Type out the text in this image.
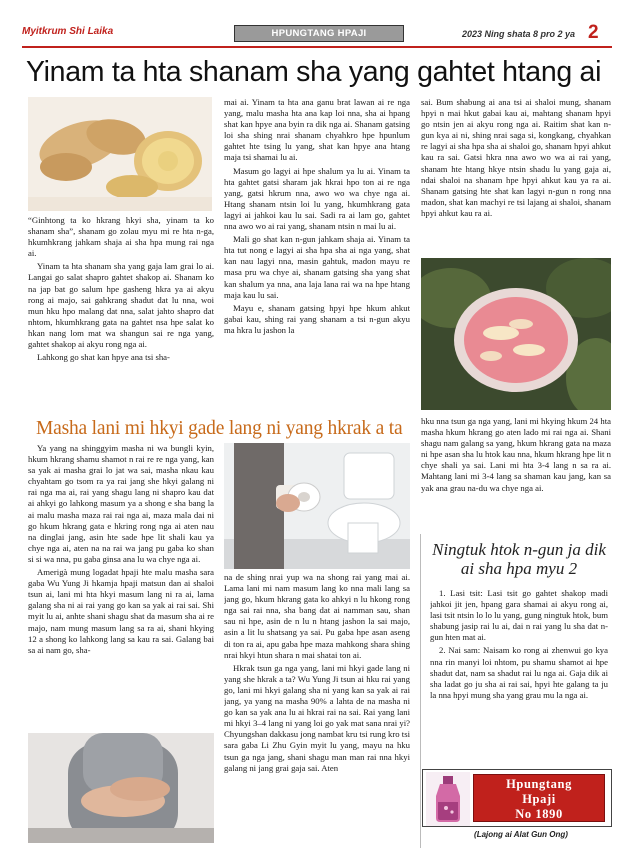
Myitkrum Shi Laika	HPUNGTANG HPAJI	2023 Ning shata 8 pro 2 ya 2
Yinam ta hta shanam sha yang gahtet htang ai

“Ginhtong ta ko hkrang hkyi sha, yinam ta ko shanam sha”, shanam go zolau myu mi re hta n-ga, hkumhkrang jahkam shaja ai sha hpa mung rai nga ai.

Yinam ta hta shanam sha yang gaja lam grai lo ai. Langai go salat shapro gahtet shakop ai. Shanam ko na jap bat go salum hpe gasheng hkra ya ai akyu rong ai majo, sai gahkrang shadut dat lu nna, woi mun hku hpo malang dat nna, salat jahto shapro dat nhtom, hkumhkrang gata na gahtet nsa hpe salat ko hkan nang lom mat wa shangun sai re nga yang, gahtet shakop ai akyu rong nga ai.

Lahkong go shat kan hpye ana tsi sha-

mai ai. Yinam ta hta ana ganu brat lawan ai re nga yang, malu masha hta ana kap loi nna, sha ai hpang shat kan hpye ana byin ra dik nga ai. Shanam gatsing loi sha shing nrai shanam chyahkro hpe hpunlum gahtet hte tsing lu yang, shat kan hpye ana htang maja tsi shamai lu ai.

Masum go lagyi ai hpe shalum ya lu ai. Yinam ta hta gahtet gatsi sharam jak hkrai hpo ton ai re nga yang, gatsi hkrum nna, awo wo wa chye nga ai. Htang shanam ntsin loi lu yang, hkumhkrang gata lagyi ai jahkoi kau lu sai. Sadi ra ai lam go, gahtet nna awo wo ai rai yang, shanam ntsin n mai lu ai.

Mali go shat kan n-gun jahkam shaja ai. Yinam ta hta tut nong e lagyi ai sha hpa sha ai nga yang, shat kan nau lagyi nna, masin gahtuk, madon mayu re masa pru wa chye ai, shanam gatsing sha yang shat kan shalum ya nna, ana laja lana rai wa na hpe htang maja kau lu sai.

Mayu e, shanam gatsing hpyi hpe hkum ahkut gabai kau, shing rai yang shanam a tsi n-gun akyu ma hkra lu jashon la

sai. Bum shabung ai ana tsi ai shaloi mung, shanam hpyi n mai hkut gabai kau ai, mahtang shanam hpyi go ntsin jen ai akyu rong nga ai. Raitim shat kan n-gun kya ai ni, shing nrai saga si, kongkang, chyahkan re lagyi ai sha hpa sha ai shaloi go, shanam hpyi ahkut kau ra sai. Gatsi hkra nna awo wo wa ai rai yang, shanam hte htang hkye ntsin shadu lu yang gaja ai, ndai shaloi na shanam hpe hpyi ahkut kau ya ra ai. Shanam gatsing hte shat kan lagyi n-gun n rong nna madon, shat kan machyi re tsi lajang ai shaloi, shanam hpyi ahkut kau ra ai.

Masha lani mi hkyi gade lang ni yang hkrak a ta

Ya yang na shinggyim masha ni wa bungli kyin, hkum hkrang shamu shamot n rai re re nga yang, kan sa yak ai masha grai lo jat wa sai, masha nkau kau chyahtam go tsom ra ya rai jang she hkyi galang ni rai nga ma ai, rai yang shagu lang ni shapro kau dat ai ahkyi go lahkong masum ya a shong e sha bang la ai malu masha maza rai rai nga ai, maza mala dai ni go hkum hkrang gata e hkring rong nga ai aten nau na dinglai jang, asin hte sade hpe lit shali kau ya chye nga ai, aten na na rai wa jang pu gaba ko shan si si wa nna, pu gaba ginsa ana lu wa chye nga ai.

Amerigà mung logadat hpaji hte malu masha sara gaba Wu Yung Ji hkamja hpaji matsun dan ai shaloi tsun ai, lani mi hta hkyi masum lang ni ra ai, lama galang sha ni ai rai yang go kan sa yak ai rai sai. Shi myit lu ai, anhte shani shagu shat da masum sha ai re majo, nam mung masum lang sa ra ai, shani hkying 12 a shong ko lahkong lang sa kau ra sai. Galang bai sa ai nam go, sha-

na de shing nrai yup wa na shong rai yang mai ai. Lama lani mi nam masum lang ko nna mali lang sa jang go, hkum hkrang gata ko ahkyi n lu hkong rong nga sai rai nna, sha bang dat ai namman sau, shan sau ni hpe, asin de n lu n htang jashon la sai majo, asin a lit lu shatsang ya sai. Pu gaba hpe asan aseng di ton ra ai, apu gaba hpe maza mahkong shara shing nrai hkyi htun shara n mai shatai ton ai.

Hkrak tsun ga nga yang, lani mi hkyi gade lang ni yang she hkrak a ta? Wu Yung Ji tsun ai hku rai yang go, lani mi hkyi galang sha ni yang kan sa yak ai rai jang, ya yang na masha 90% a lahta de na masha ni go kan sa yak ana lu ai hkrai rai na sai. Rai yang lani mi hkyi 3–4 lang ni yang loi go yak mat sana nrai yi? Chyungshan dakkasu jong nambat kru tsi rung kro tsi sara gaba Li Zhu Gyin myit lu yang, mayu na hku tsun ga nga jang, shani shagu man man rai nna hkyi galang ni jang grai gaja sai. Aten

hku nna tsun ga nga yang, lani mi hkying hkum 24 hta masha hkum hkrang go aten lado mi rai nga ai. Shani shagu nam galang sa yang, hkum hkrang gata na maza ni hpe asan sha lu htok kau nna, hkum hkrang hpe lit n chye shali ya sai. Lani mi hta 3-4 lang n sa ra ai. Mahtang lani mi 3-4 lang sa shaman kau jang, kan sa yak ana grau na-du wa chye nga ai.

Ningtuk htok n-gun ja dik ai sha hpa myu 2

1. Lasi tsit: Lasi tsit go gahtet shakop madi jahkoi jit jen, hpang gara shamai ai akyu rong ai, lasi tsit ntsin lo lo lu yang, gung ningtuk htok, bum shabung jasip rai lu ai, dai n rai yang lu sha dat n-gun hten mat ai.

2. Nai sam: Naisam ko rong ai zhenwui go kya nna rin manyi loi nhtom, pu shamu shamot ai hpe shadut dat, nam sa shadut rai lu nga ai. Gaja dik ai sha ladat go ju sha ai rai sai, hpyi hte galang ta ju la nna hpyi mung sha yang grau mu la nga ai.

Hpungtang
Hpaji
No 1890
(Lajong ai Alat Gun Ong)
